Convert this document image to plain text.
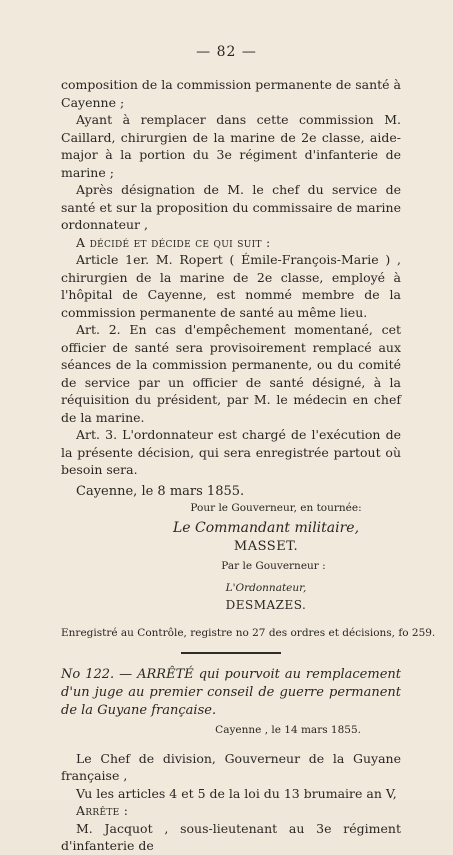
— 82 —

composition de la commission permanente de santé à Cayenne ;

Ayant à remplacer dans cette commission M. Caillard, chirurgien de la marine de 2e classe, aide-major à la portion du 3e régiment d'infanterie de marine ;

Après désignation de M. le chef du service de santé et sur la proposition du commissaire de marine ordonnateur ,

A décidé et décide ce qui suit :

Article 1er. M. Ropert ( Émile-François-Marie ) , chirurgien de la marine de 2e classe, employé à l'hôpital de Cayenne, est nommé membre de la commission permanente de santé au même lieu.

Art. 2. En cas d'empêchement momentané, cet officier de santé sera provisoirement remplacé aux séances de la commission permanente, ou du comité de service par un officier de santé désigné, à la réquisition du président, par M. le médecin en chef de la marine.

Art. 3. L'ordonnateur est chargé de l'exécution de la présente décision, qui sera enregistrée partout où besoin sera.

Cayenne, le 8 mars 1855.

Pour le Gouverneur, en tournée:

Le Commandant militaire,

MASSET.

Par le Gouverneur :

L'Ordonnateur,

DESMAZES.

Enregistré au Contrôle, registre no 27 des ordres et décisions, fo 259.

No 122. — ARRÊTÉ qui pourvoit au remplacement d'un juge au premier conseil de guerre permanent de la Guyane française.

Cayenne , le 14 mars 1855.

Le Chef de division, Gouverneur de la Guyane française ,

Vu les articles 4 et 5 de la loi du 13 brumaire an V,

Arrête :

M. Jacquot , sous-lieutenant au 3e régiment d'infanterie de
